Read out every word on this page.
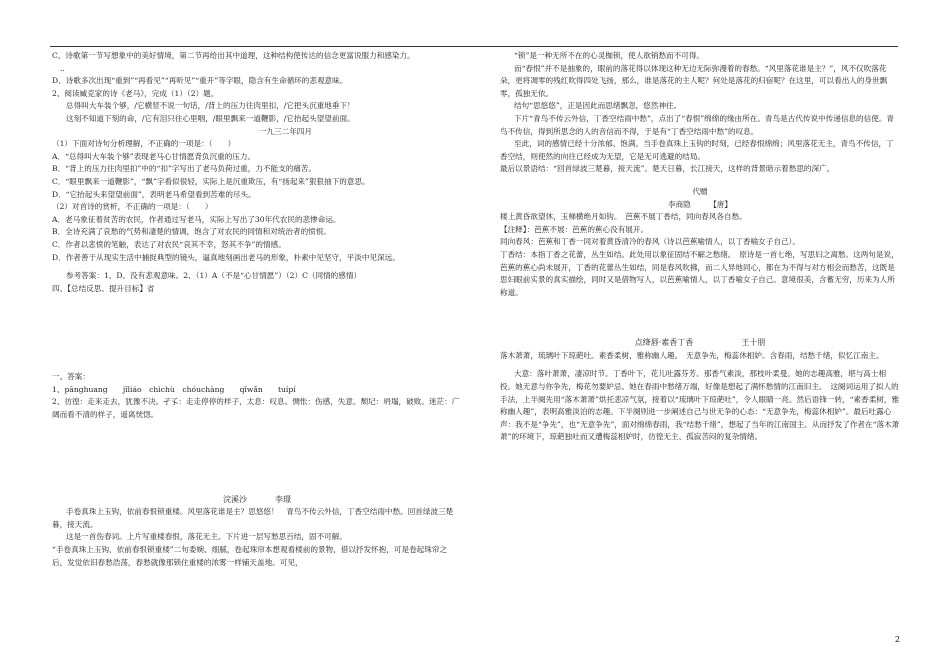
C、诗歌第一节写想象中的美好情境，第二节再给出其中道理，这种结构使传达的信念更富说服力和感染力。

..

D、诗歌多次出现“重到”“再看见”“再听见”“重开”等字眼，隐含有生命循环的悲观意味。

2、阅读臧克家的诗《老马》，完成（1）（2）题。

总得叫大车装个够，/它横竖不说一句话，/背上的压力往肉里扣，/它把头沉重地垂下！

这刻不知道下刻的命，/它有泪只往心里咽，/眼里飘来一道鞭影，/它抬起头望望前面。

一九三二年四月

（1）下面对诗句分析理解，不正确的一项是：（　　）

A．“总得叫大车装个够”表现老马心甘情愿背负沉重的压力。

B．“背上的压力往肉里扣”中的“扣”字写出了老马负荷过重，力不能支的痛苦。

C．“眼里飘来一道鞭影”，“飘”字看似很轻，实际上是沉重欺压，有“扬起来”狠狠抽下的意思。

D．“它抬起头来望望前面”，表明老马希望看到苦难的尽头。

（2）对首诗的赏析，不正确的一项是：（　　）

A．老马象征着贫苦的农民，作者通过写老马，实际上写出了30年代农民的悲惨命运。

B．全诗充满了哀愁的气势和凄楚的情调，饱含了对农民的同情和对统治者的愤恨。

C．作者以悲愤的笔触，表达了对农民“哀其不幸，怒其不争”的情感。

D．作者善于从现实生活中捕捉典型的镜头，逼真地刻画出老马的形象，朴素中见坚守，平淡中见深远。

参考答案：1、D。没有悲观意味。2、（1）A（不是“心甘情愿”）（2）C（同情的感情）

四、【总结反思、提升目标】省

一、答案：

1、pānghuang　　jǐliáo　chìchù　chóuchàng　　qǐwǎn　　tuípí

2、彷徨：走来走去，犹豫不决。孑孓：走走停停的样子，太息：叹息。惆怅：伤感，失意。颓圮：坍塌，破败。迷茫：广阔而看不清的样子，遥离恍惚。

浣溪沙	李璟

手卷真珠上玉钩，依前春恨锁重楼。风里落花谁是主？思悠悠！　青鸟不传云外信，丁香空结雨中愁。回首绿波三楚暮，接天流。

这是一首伤春词。上片写重楼春恨，落花无主。下片进一层写愁思百结，固不可解。

“手卷真珠上玉钩，依前春恨锁重楼”二句委婉、细腻，卷起珠帘本想观看楼前的景物，借以抒发怀抱，可是卷起珠帘之后，发觉依旧春愁浩荡，春愁就像那锁住重楼的浓雾一样铺天盖地。可见，

“锁”是一种无所不在的心灵枷锁，使人欲销愁而不可得。

而“春恨”并不是抽象的，眼前的落花得以体现这种无边无际弥漫着的春愁。“风里落花谁是主？”，风不仅吹落花朵，更将凋零的残红吹得四处飞扬，那么，谁是落花的主人呢？何处是落花的归宿呢？在这里，可以看出人的身世飘零，孤独无依。

结句“思悠悠”，正是因此而思绪飘忽，悠然神往。

下片“青鸟不传云外信，丁香空结雨中愁”，点出了“春恨”绵绵的缘由所在。青鸟是古代传说中传递信息的信使。青鸟不传信，得到所思念的人的音信而不得，于是有“丁香空结雨中愁”的叹息。

至此，词的感情已经十分浓郁、饱满。当手卷真珠上玉钩的时刻，已经春恨绵绵；风里落花无主，青鸟不传信，丁香空结，则使然的向往已经成为无望，它是无可逃避的结局。

最后以景语结：“回首绿波三楚暮，接天流”。楚天日暮，长江接天，这样的背景暗示着愁思的深广。

代赠

李商隐 【唐】

楼上黄昏欲望休，玉梯横绝月如钩。　芭蕉不展丁香结，同向春风各自愁。

【注释】：芭蕉不展：芭蕉的蕉心没有展开。

同向春风：芭蕉和丁香一同对着黄昏清冷的春风（诗以芭蕉喻情人，以丁香喻女子自己）。

丁香结：本指丁香之花蕾，丛生如结。此处用以象征固结不解之愁绪。　原诗是一首七绝，写思妇之离愁。这两句是说，芭蕉的蕉心尚未展开，丁香的花蕾丛生如结，同是春风吹拂，而二人异地同心，都在为不得与对方相会而愁苦，这既是思妇眼前实景的真实描绘，同时又是借物写人，以芭蕉喻情人，以丁香喻女子自己。意境很美，含蓄无穷，历来为人所称道。

点绛唇·素香丁香	王十朋

落木萧萧，琉璃叶下琼葩吐。素香柔树，雅称幽人趣。　无意争先，梅蕊休相妒。含春雨，结愁千绪，似忆江南主。

大意：落叶萧萧，凄凉时节。丁香叶下，花儿吐露芬芳。那香气素淡，那枝叶柔曼。她的志趣高雅，堪与高士相投。她无意与你争先，梅花勿要妒忌。她在春雨中愁绪万端，好像是想起了满怀愁情的江南旧主。　这阕词运用了拟人的手法，上半阕先用“落木萧萧”烘托悲凉气氛，接着以“琉璃叶下琼葩吐”，令人眼睛一亮。然后语锋一转，“素香柔树，雅称幽人趣”，表明高雅淡泊的志趣。下半阕则进一步阐述自己与世无争的心态：“无意争先，梅蕊休相妒”。最后吐露心声：我不是“争先”，也“无意争先”，面对绵绵春雨，我“结愁千绪”，想起了当年的江南国主。从而抒发了作者在“落木萧萧”的环境下，琼葩独吐而又遭梅蕊相妒时，彷徨无主、孤寂苦闷的复杂情绪。

2
